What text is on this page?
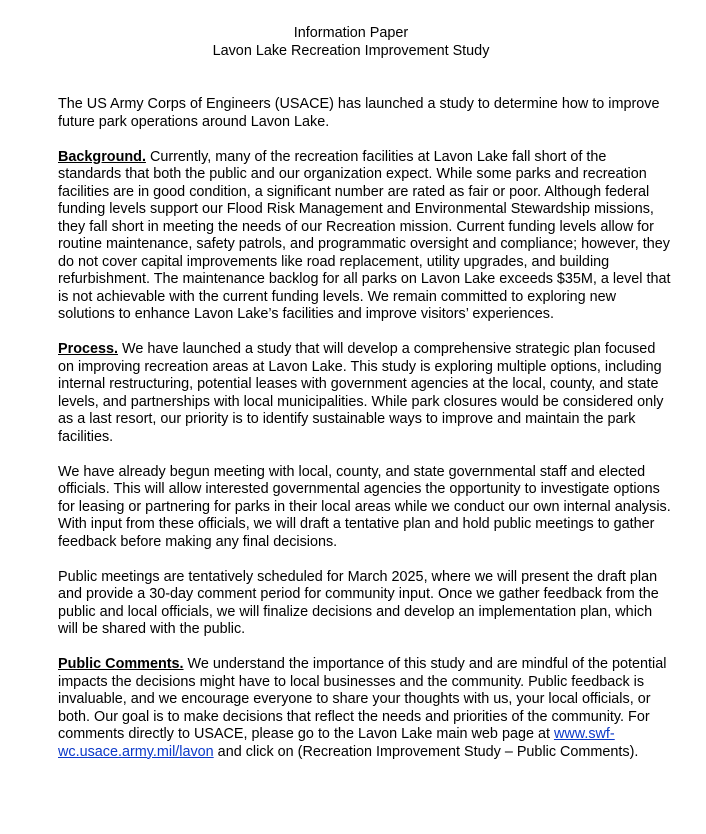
Information Paper
Lavon Lake Recreation Improvement Study

The US Army Corps of Engineers (USACE) has launched a study to determine how to improve future park operations around Lavon Lake.

Background. Currently, many of the recreation facilities at Lavon Lake fall short of the standards that both the public and our organization expect. While some parks and recreation facilities are in good condition, a significant number are rated as fair or poor. Although federal funding levels support our Flood Risk Management and Environmental Stewardship missions, they fall short in meeting the needs of our Recreation mission. Current funding levels allow for routine maintenance, safety patrols, and programmatic oversight and compliance; however, they do not cover capital improvements like road replacement, utility upgrades, and building refurbishment. The maintenance backlog for all parks on Lavon Lake exceeds $35M, a level that is not achievable with the current funding levels. We remain committed to exploring new solutions to enhance Lavon Lake’s facilities and improve visitors’ experiences.

Process. We have launched a study that will develop a comprehensive strategic plan focused on improving recreation areas at Lavon Lake. This study is exploring multiple options, including internal restructuring, potential leases with government agencies at the local, county, and state levels, and partnerships with local municipalities. While park closures would be considered only as a last resort, our priority is to identify sustainable ways to improve and maintain the park facilities.

We have already begun meeting with local, county, and state governmental staff and elected officials. This will allow interested governmental agencies the opportunity to investigate options for leasing or partnering for parks in their local areas while we conduct our own internal analysis. With input from these officials, we will draft a tentative plan and hold public meetings to gather feedback before making any final decisions.

Public meetings are tentatively scheduled for March 2025, where we will present the draft plan and provide a 30-day comment period for community input. Once we gather feedback from the public and local officials, we will finalize decisions and develop an implementation plan, which will be shared with the public.

Public Comments. We understand the importance of this study and are mindful of the potential impacts the decisions might have to local businesses and the community. Public feedback is invaluable, and we encourage everyone to share your thoughts with us, your local officials, or both. Our goal is to make decisions that reflect the needs and priorities of the community. For comments directly to USACE, please go to the Lavon Lake main web page at www.swf-wc.usace.army.mil/lavon and click on (Recreation Improvement Study – Public Comments).
